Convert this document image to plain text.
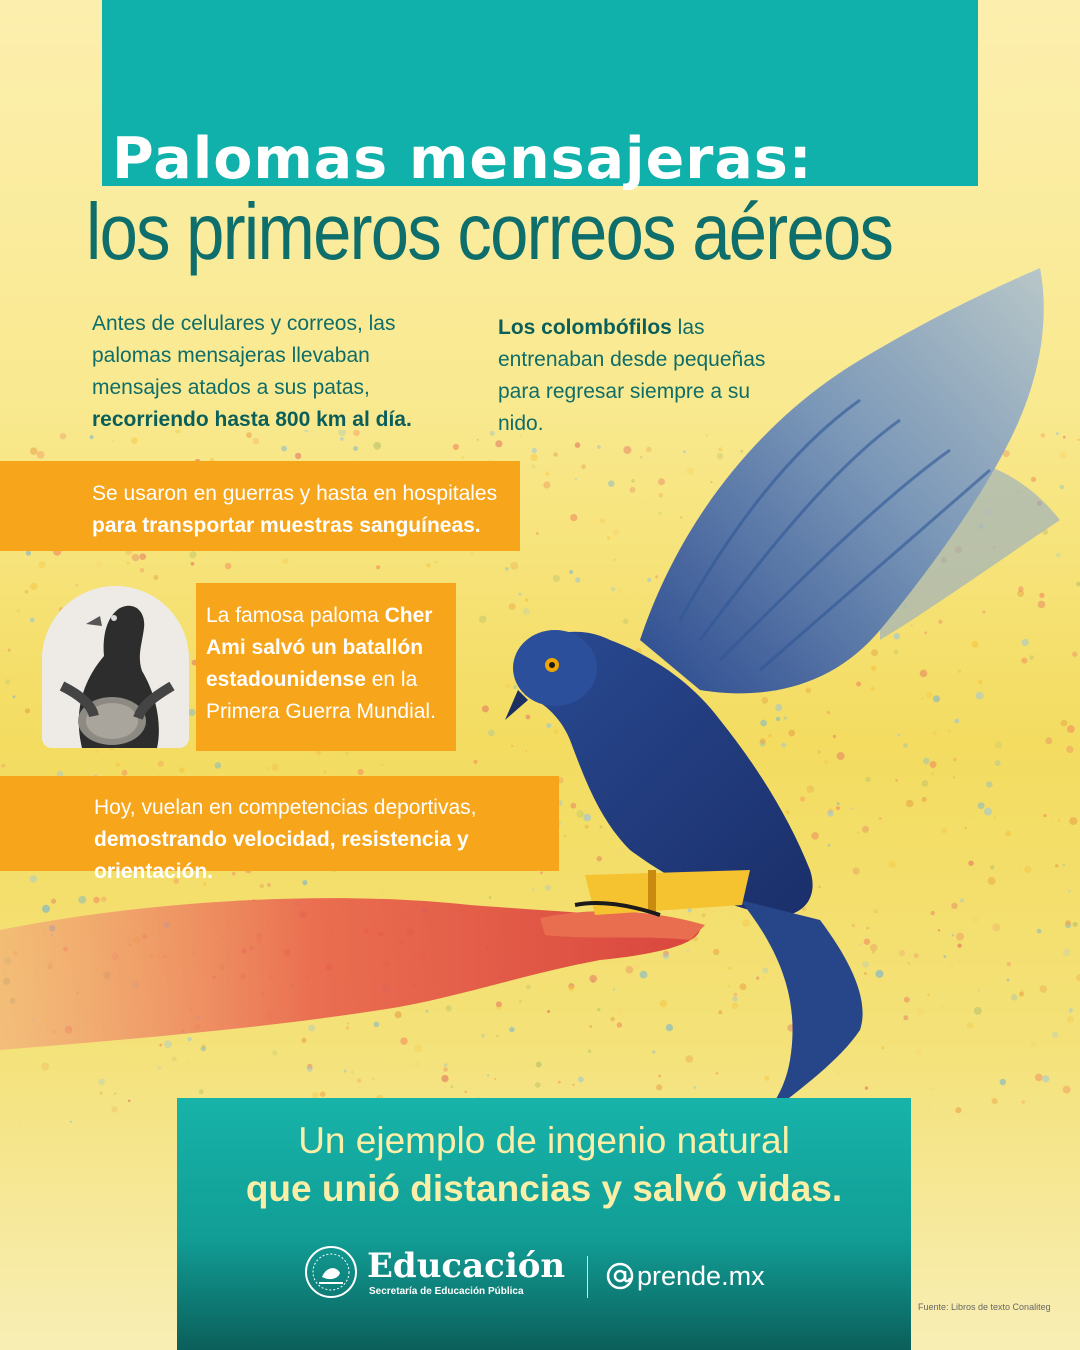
Palomas mensajeras:
los primeros correos aéreos
Antes de celulares y correos, las palomas mensajeras llevaban mensajes atados a sus patas, recorriendo hasta 800 km al día.
Los colombófilos las entrenaban desde pequeñas para regresar siempre a su nido.
Se usaron en guerras y hasta en hospitales para transportar muestras sanguíneas.
La famosa paloma Cher Ami salvó un batallón estadounidense en la Primera Guerra Mundial.
Hoy, vuelan en competencias deportivas,
demostrando velocidad, resistencia y orientación.
Un ejemplo de ingenio natural
que unió distancias y salvó vidas.
Educación
Secretaría de Educación Pública
prende.mx
Fuente: Libros de texto Conaliteg
